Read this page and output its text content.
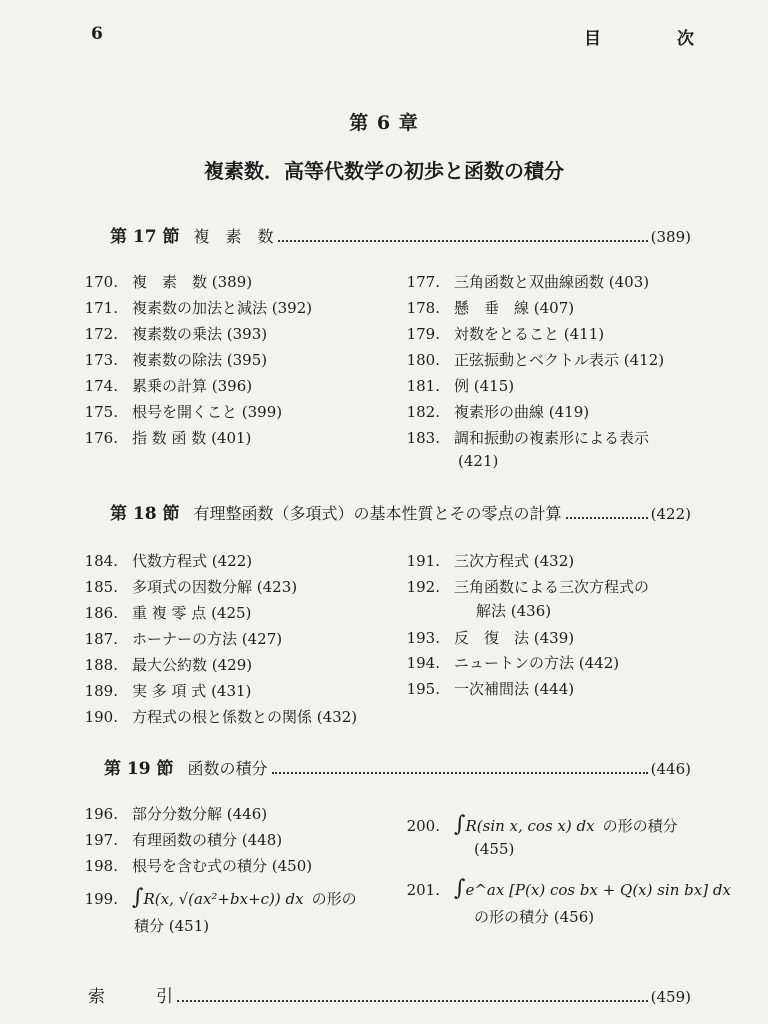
6	目	次
第 6 章
複素数．高等代数学の初歩と函数の積分
第 17 節 複　素　数	(389)
170. 複　素　数 (389)
171. 複素数の加法と減法 (392)
172. 複素数の乗法 (393)
173. 複素数の除法 (395)
174. 累乗の計算 (396)
175. 根号を開くこと (399)
176. 指 数 函 数 (401)
177. 三角函数と双曲線函数 (403)
178. 懸　垂　線 (407)
179. 対数をとること (411)
180. 正弦振動とベクトル表示 (412)
181. 例 (415)
182. 複素形の曲線 (419)
183. 調和振動の複素形による表示
(421)
第 18 節 有理整函数（多項式）の基本性質とその零点の計算	(422)
184. 代数方程式 (422)
185. 多項式の因数分解 (423)
186. 重 複 零 点 (425)
187. ホーナーの方法 (427)
188. 最大公約数 (429)
189. 実 多 項 式 (431)
190. 方程式の根と係数との関係 (432)
191. 三次方程式 (432)
192. 三角函数による三次方程式の
解法 (436)
193. 反　復　法 (439)
194. ニュートンの方法 (442)
195. 一次補間法 (444)
第 19 節 函数の積分	(446)
196. 部分分数分解 (446)
197. 有理函数の積分 (448)
198. 根号を含む式の積分 (450)
199. ∫R(x, √(ax²+bx+c)) dx の形の
積分 (451)
200. ∫R(sin x, cos x) dx の形の積分
(455)
201. ∫e^ax [P(x) cos bx + Q(x) sin bx] dx
の形の積分 (456)
索　　　引	(459)
